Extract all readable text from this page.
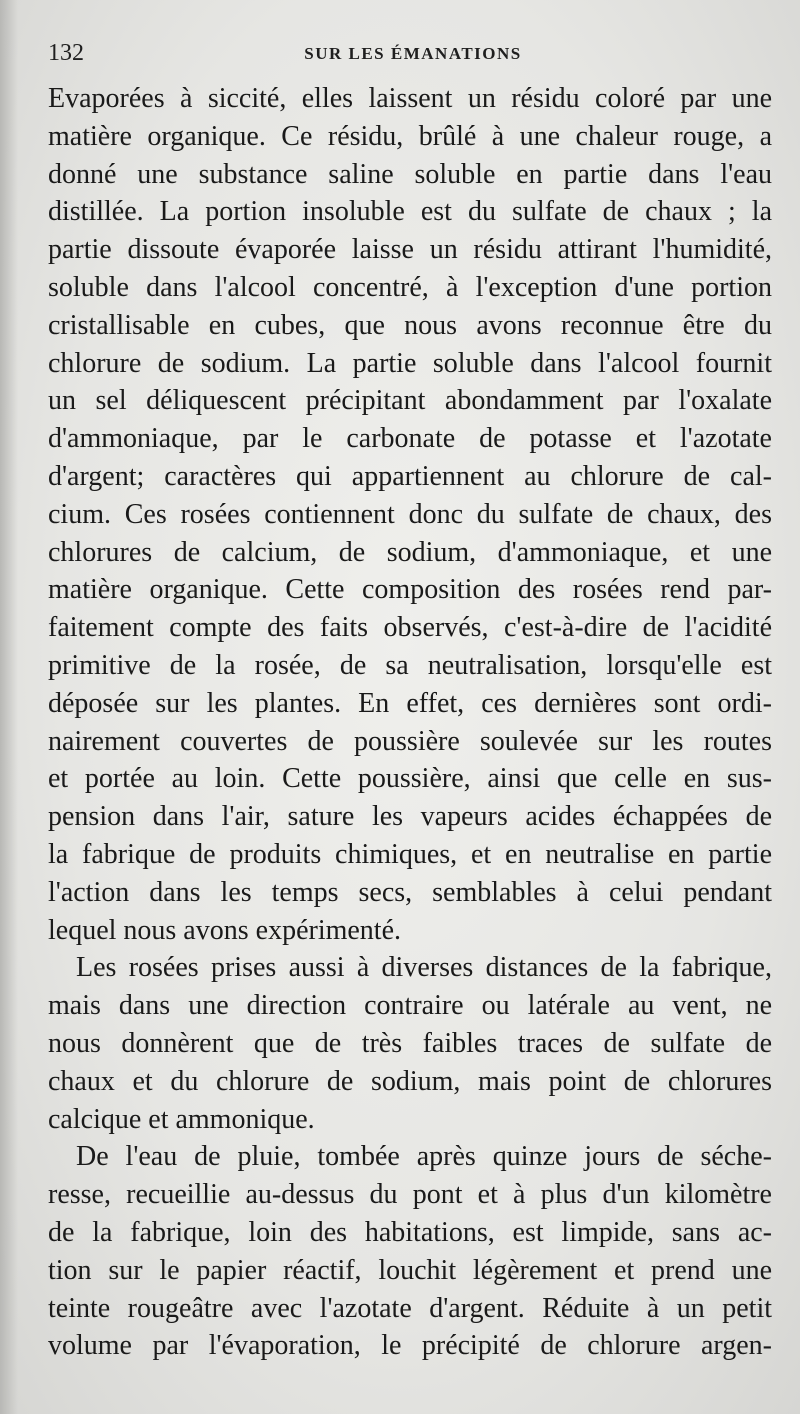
132	SUR LES ÉMANATIONS
Evaporées à siccité, elles laissent un résidu coloré par une
matière organique. Ce résidu, brûlé à une chaleur rouge, a
donné une substance saline soluble en partie dans l'eau
distillée. La portion insoluble est du sulfate de chaux ; la
partie dissoute évaporée laisse un résidu attirant l'humidité,
soluble dans l'alcool concentré, à l'exception d'une portion
cristallisable en cubes, que nous avons reconnue être du
chlorure de sodium. La partie soluble dans l'alcool fournit
un sel déliquescent précipitant abondamment par l'oxalate
d'ammoniaque, par le carbonate de potasse et l'azotate
d'argent; caractères qui appartiennent au chlorure de cal-
cium. Ces rosées contiennent donc du sulfate de chaux, des
chlorures de calcium, de sodium, d'ammoniaque, et une
matière organique. Cette composition des rosées rend par-
faitement compte des faits observés, c'est-à-dire de l'acidité
primitive de la rosée, de sa neutralisation, lorsqu'elle est
déposée sur les plantes. En effet, ces dernières sont ordi-
nairement couvertes de poussière soulevée sur les routes
et portée au loin. Cette poussière, ainsi que celle en sus-
pension dans l'air, sature les vapeurs acides échappées de
la fabrique de produits chimiques, et en neutralise en partie
l'action dans les temps secs, semblables à celui pendant
lequel nous avons expérimenté.
Les rosées prises aussi à diverses distances de la fabrique,
mais dans une direction contraire ou latérale au vent, ne
nous donnèrent que de très faibles traces de sulfate de
chaux et du chlorure de sodium, mais point de chlorures
calcique et ammonique.
De l'eau de pluie, tombée après quinze jours de séche-
resse, recueillie au-dessus du pont et à plus d'un kilomètre
de la fabrique, loin des habitations, est limpide, sans ac-
tion sur le papier réactif, louchit légèrement et prend une
teinte rougeâtre avec l'azotate d'argent. Réduite à un petit
volume par l'évaporation, le précipité de chlorure argen-
